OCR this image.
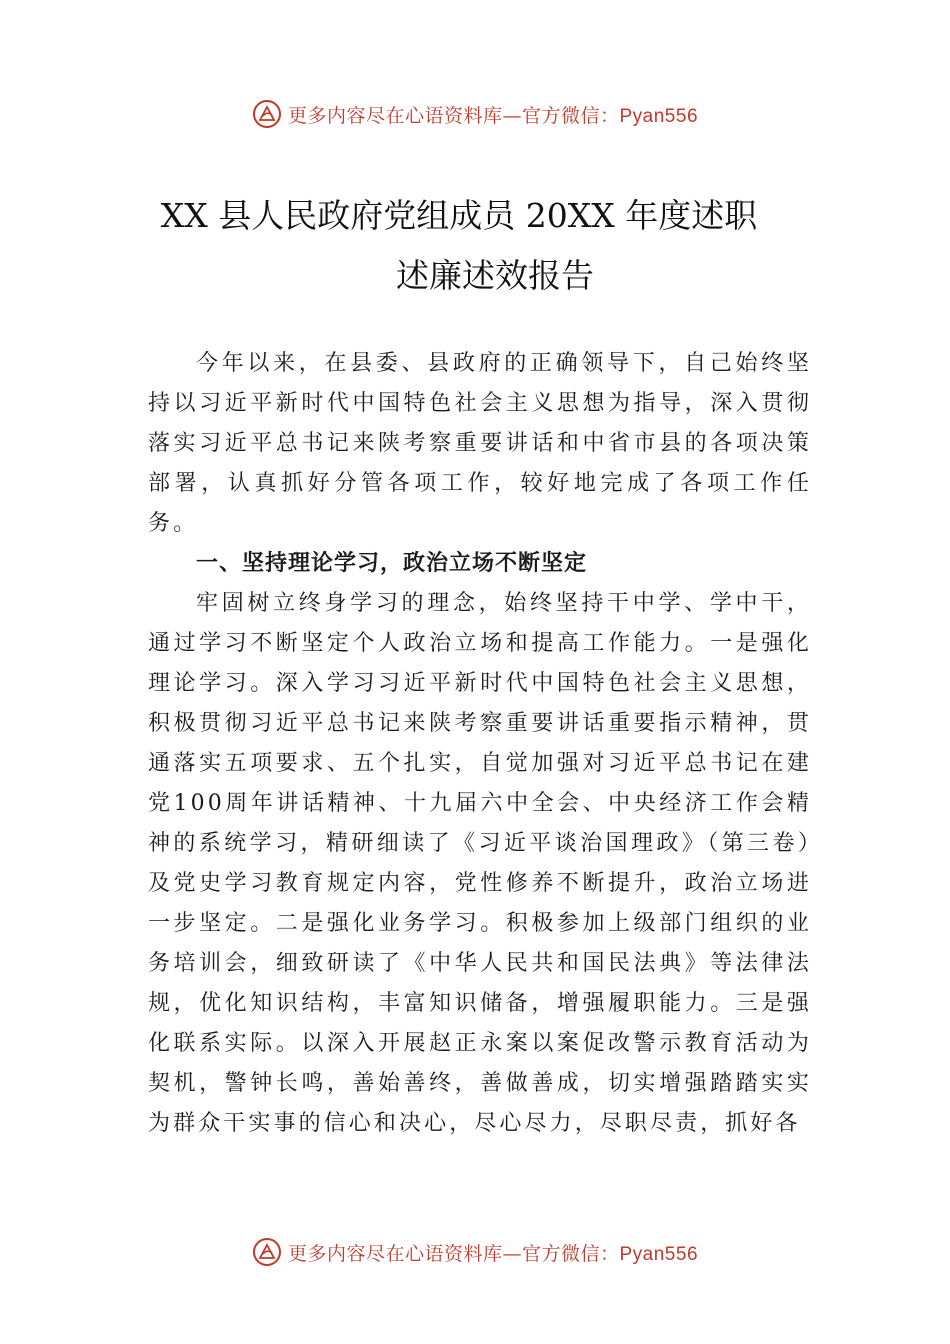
更多内容尽在心语资料库—官方微信：Pyan556
XX 县人民政府党组成员 20XX 年度述职
述廉述效报告

今年以来，在县委、县政府的正确领导下，自己始终坚持以习近平新时代中国特色社会主义思想为指导，深入贯彻落实习近平总书记来陕考察重要讲话和中省市县的各项决策部署，认真抓好分管各项工作，较好地完成了各项工作任务。

一、坚持理论学习，政治立场不断坚定

牢固树立终身学习的理念，始终坚持干中学、学中干，通过学习不断坚定个人政治立场和提高工作能力。一是强化理论学习。深入学习习近平新时代中国特色社会主义思想，积极贯彻习近平总书记来陕考察重要讲话重要指示精神，贯通落实五项要求、五个扎实，自觉加强对习近平总书记在建党100周年讲话精神、十九届六中全会、中央经济工作会精神的系统学习，精研细读了《习近平谈治国理政》（第三卷）及党史学习教育规定内容，党性修养不断提升，政治立场进一步坚定。二是强化业务学习。积极参加上级部门组织的业务培训会，细致研读了《中华人民共和国民法典》等法律法规，优化知识结构，丰富知识储备，增强履职能力。三是强化联系实际。以深入开展赵正永案以案促改警示教育活动为契机，警钟长鸣，善始善终，善做善成，切实增强踏踏实实为群众干实事的信心和决心，尽心尽力，尽职尽责，抓好各

更多内容尽在心语资料库—官方微信：Pyan556
